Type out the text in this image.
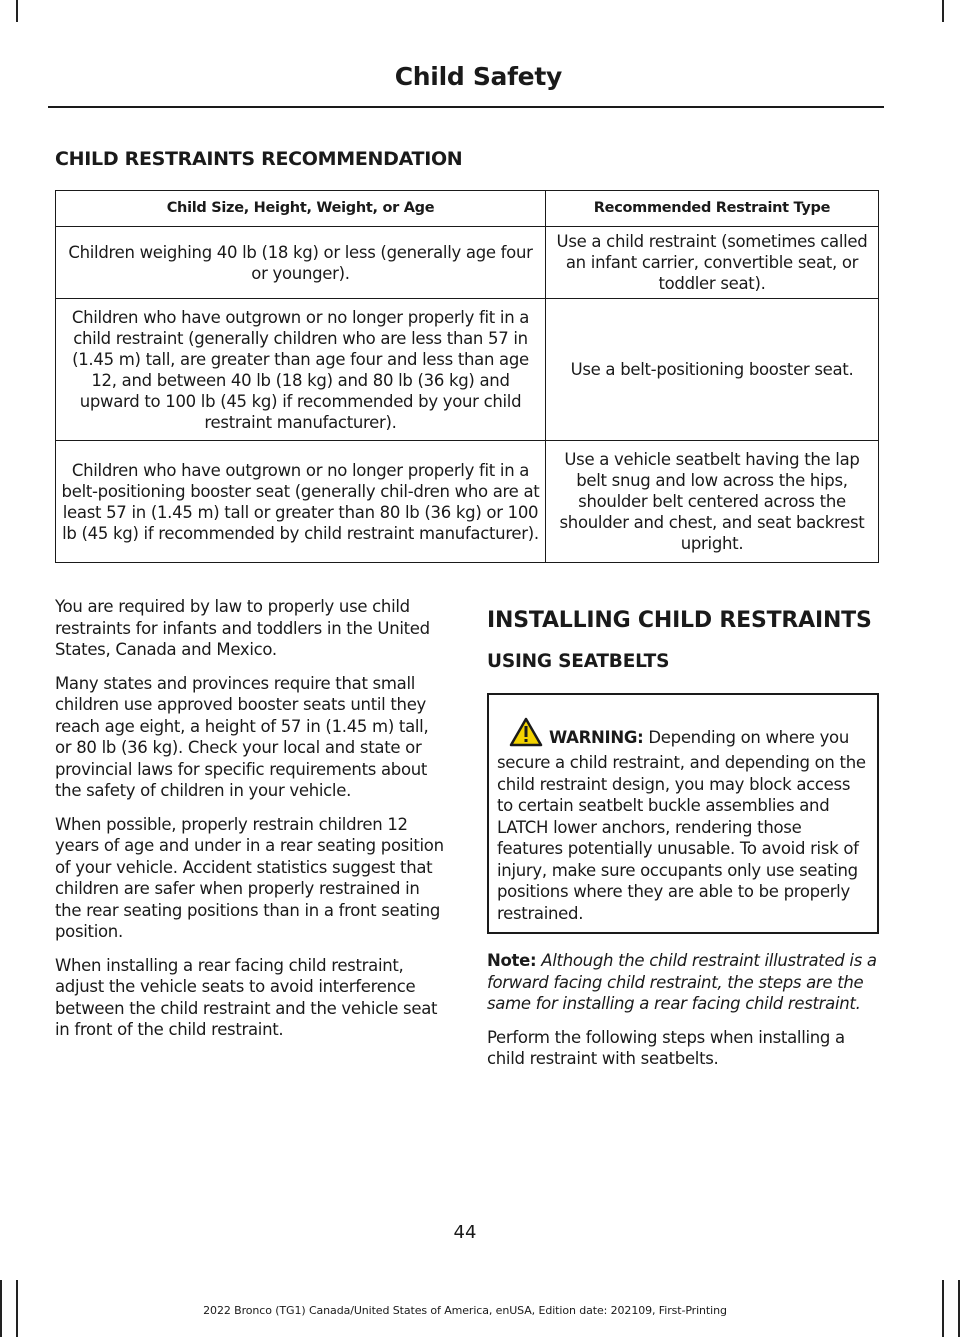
Child Safety
CHILD RESTRAINTS RECOMMENDATION
Child Size, Height, Weight, or Age	Recommended Restraint Type
Children weighing 40 lb (18 kg) or less (generally age four or younger).	Use a child restraint (sometimes called an infant carrier, convertible seat, or toddler seat).
Children who have outgrown or no longer properly fit in a child restraint (generally children who are less than 57 in (1.45 m) tall, are greater than age four and less than age 12, and between 40 lb (18 kg) and 80 lb (36 kg) and upward to 100 lb (45 kg) if recommended by your child restraint manufacturer).	Use a belt-positioning booster seat.
Children who have outgrown or no longer properly fit in a belt-positioning booster seat (generally chil-dren who are at least 57 in (1.45 m) tall or greater than 80 lb (36 kg) or 100 lb (45 kg) if recommended by child restraint manufacturer).	Use a vehicle seatbelt having the lap belt snug and low across the hips, shoulder belt centered across the shoulder and chest, and seat backrest upright.

You are required by law to properly use child restraints for infants and toddlers in the United States, Canada and Mexico.

Many states and provinces require that small children use approved booster seats until they reach age eight, a height of 57 in (1.45 m) tall, or 80 lb (36 kg). Check your local and state or provincial laws for specific requirements about the safety of children in your vehicle.

When possible, properly restrain children 12 years of age and under in a rear seating position of your vehicle. Accident statistics suggest that children are safer when properly restrained in the rear seating positions than in a front seating position.

When installing a rear facing child restraint, adjust the vehicle seats to avoid interference between the child restraint and the vehicle seat in front of the child restraint.

INSTALLING CHILD RESTRAINTS
USING SEATBELTS
WARNING: Depending on where you secure a child restraint, and depending on the child restraint design, you may block access to certain seatbelt buckle assemblies and LATCH lower anchors, rendering those features potentially unusable. To avoid risk of injury, make sure occupants only use seating positions where they are able to be properly restrained.

Note: Although the child restraint illustrated is a forward facing child restraint, the steps are the same for installing a rear facing child restraint.

Perform the following steps when installing a child restraint with seatbelts.

44
2022 Bronco (TG1) Canada/United States of America, enUSA, Edition date: 202109, First-Printing
